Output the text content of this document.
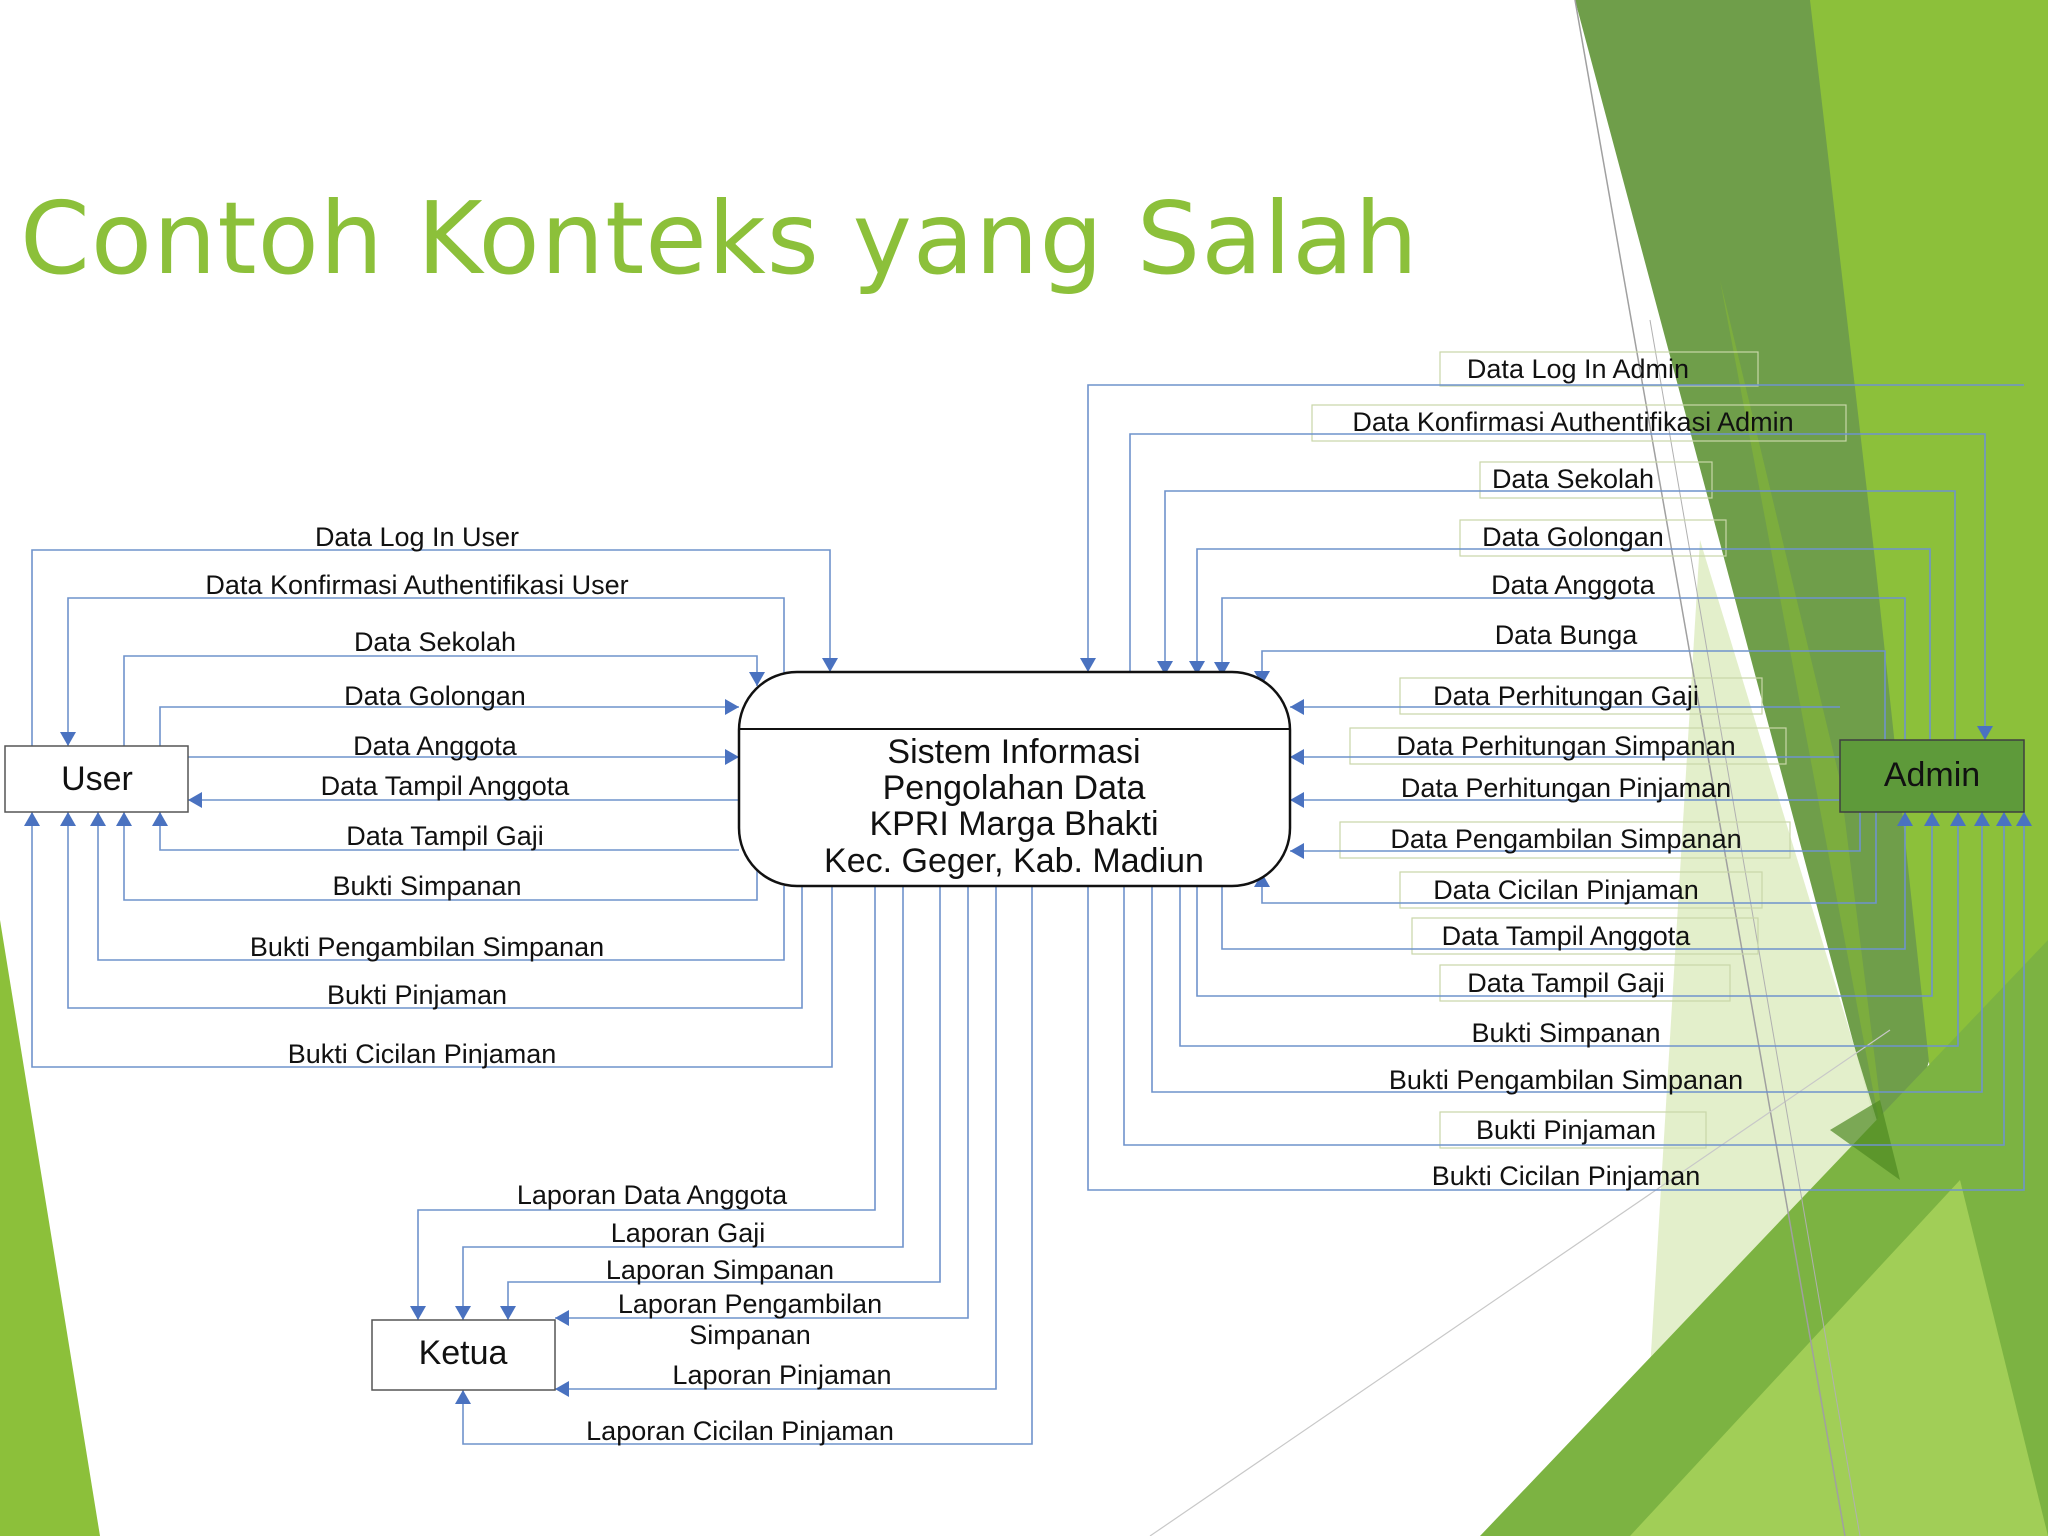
Contoh Konteks yang Salah
Data Log In User
Data Konfirmasi Authentifikasi User
Data Sekolah
Data Golongan
Data Anggota
Data Tampil Anggota
Data Tampil Gaji
Bukti Simpanan
Bukti Pengambilan Simpanan
Bukti Pinjaman
Bukti Cicilan Pinjaman
Data Log In Admin
Data Konfirmasi Authentifikasi Admin
Data Sekolah
Data Golongan
Data Anggota
Data Bunga
Data Perhitungan Gaji
Data Perhitungan Simpanan
Data Perhitungan Pinjaman
Data Pengambilan Simpanan
Data Cicilan Pinjaman
Data Tampil Anggota
Data Tampil Gaji
Bukti Simpanan
Bukti Pengambilan Simpanan
Bukti Pinjaman
Bukti Cicilan Pinjaman
Laporan Data Anggota
Laporan Gaji
Laporan Simpanan
Laporan Pengambilan
Laporan Pinjaman
Laporan Cicilan Pinjaman
Simpanan
Sistem Informasi
Pengolahan Data
KPRI Marga Bhakti
Kec. Geger, Kab. Madiun
User	Admin
Ketua
